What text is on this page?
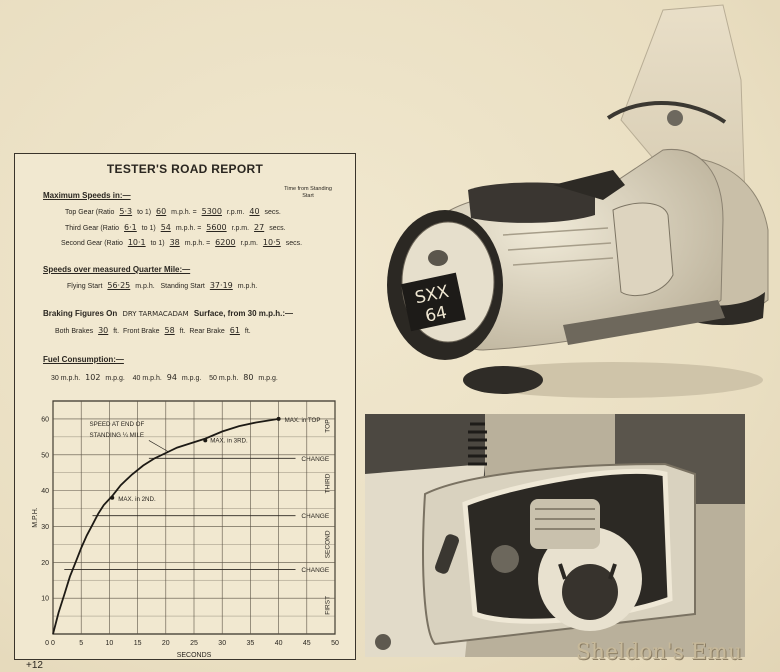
TESTER'S ROAD REPORT
Maximum Speeds in:—
Time from Standing Start
Top Gear (Ratio 5·3 to 1) 60 m.p.h. = 5300 r.p.m. 40 secs.
Third Gear (Ratio 6·1 to 1) 54 m.p.h. = 5600 r.p.m. 27 secs.
Second Gear (Ratio 10·1 to 1) 38 m.p.h. = 6200 r.p.m. 10·5 secs.
Speeds over measured Quarter Mile:—
Flying Start 56·25 m.p.h. Standing Start 37·19 m.p.h.
Braking Figures On DRY TARMACADAM Surface, from 30 m.p.h.:—
Both Brakes 30 ft. Front Brake 58 ft. Rear Brake 61 ft.
Fuel Consumption:—
30 m.p.h. 102 m.p.g. 40 m.p.h. 94 m.p.g. 50 m.p.h. 80 m.p.g.
0	5	10	15	20	25	30	35	40	45	50
10
20
30
40
50
60
0
SECONDS
M.P.H.
CHANGE
CHANGE
CHANGE
FIRST
SECOND
THIRD
TOP
MAX. in TOP
MAX. in 3RD.
MAX. in 2ND.
SPEED AT END OF
STANDING ¼ MILE
SXX
64
+12
Sheldon's Emu
